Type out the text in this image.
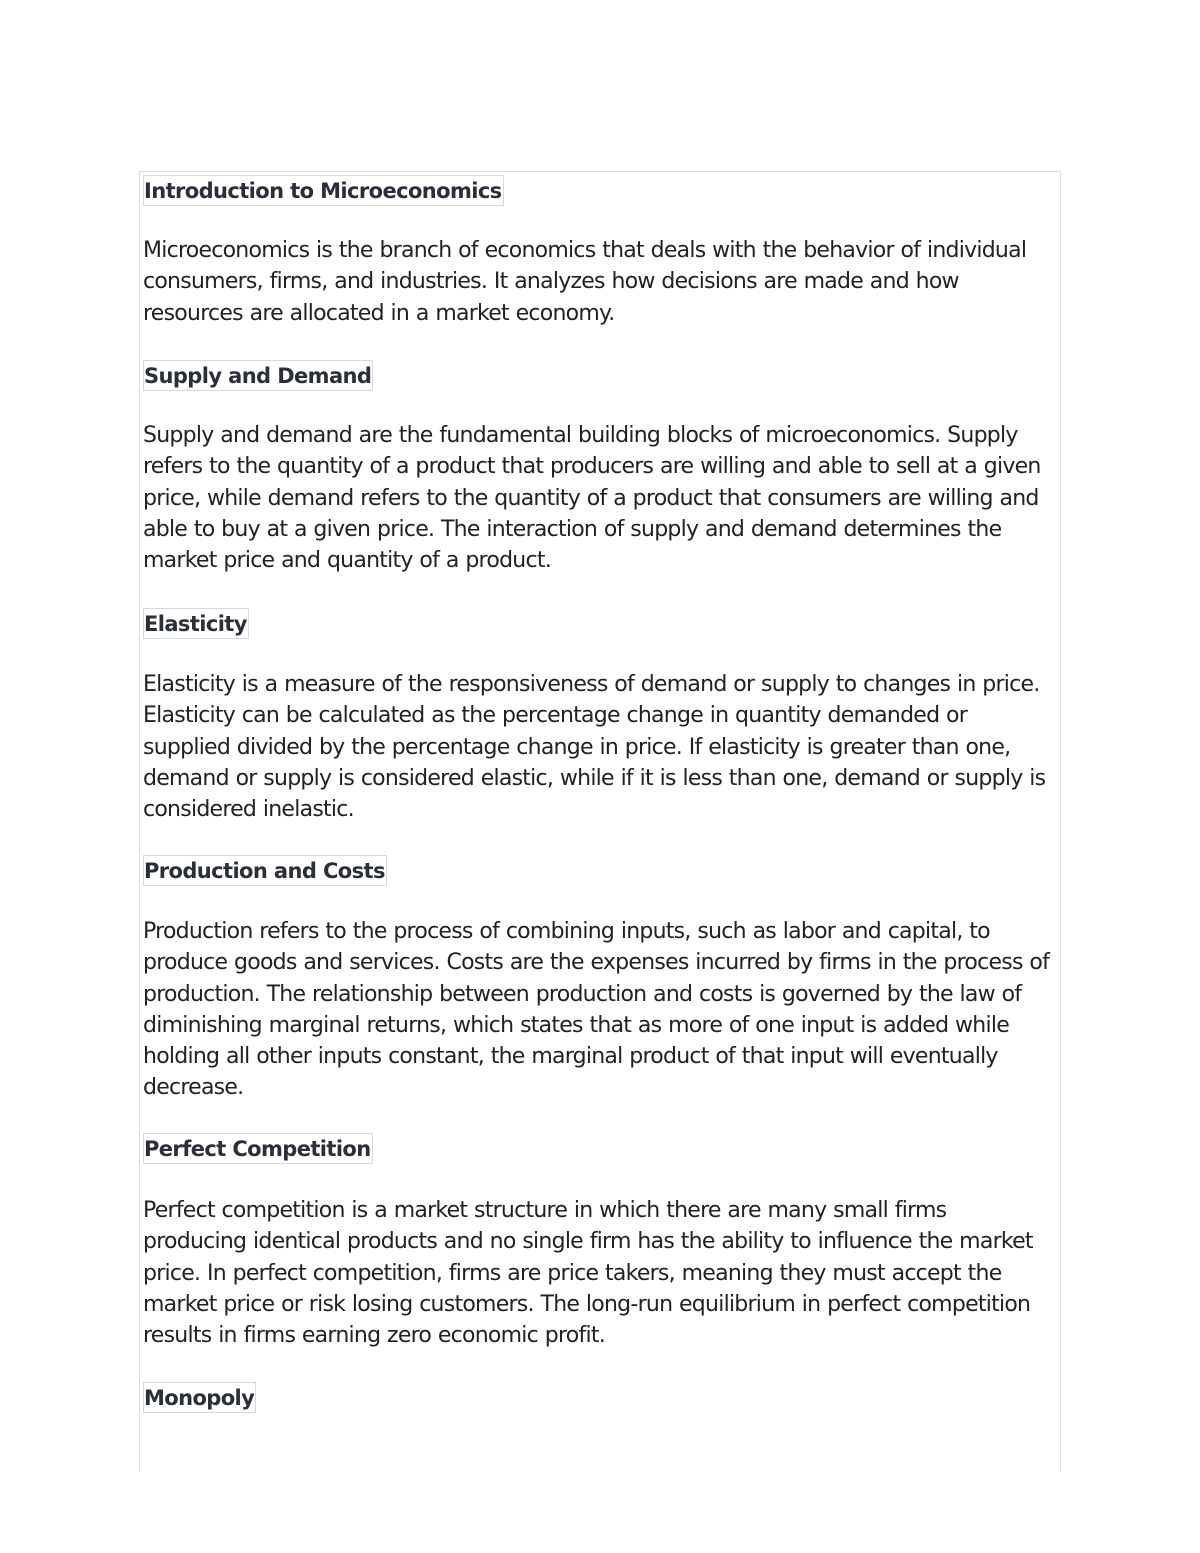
Introduction to Microeconomics

Microeconomics is the branch of economics that deals with the behavior of individual consumers, firms, and industries. It analyzes how decisions are made and how resources are allocated in a market economy.

Supply and Demand

Supply and demand are the fundamental building blocks of microeconomics. Supply refers to the quantity of a product that producers are willing and able to sell at a given price, while demand refers to the quantity of a product that consumers are willing and able to buy at a given price. The interaction of supply and demand determines the market price and quantity of a product.

Elasticity

Elasticity is a measure of the responsiveness of demand or supply to changes in price. Elasticity can be calculated as the percentage change in quantity demanded or supplied divided by the percentage change in price. If elasticity is greater than one, demand or supply is considered elastic, while if it is less than one, demand or supply is considered inelastic.

Production and Costs

Production refers to the process of combining inputs, such as labor and capital, to produce goods and services. Costs are the expenses incurred by firms in the process of production. The relationship between production and costs is governed by the law of diminishing marginal returns, which states that as more of one input is added while holding all other inputs constant, the marginal product of that input will eventually decrease.

Perfect Competition

Perfect competition is a market structure in which there are many small firms producing identical products and no single firm has the ability to influence the market price. In perfect competition, firms are price takers, meaning they must accept the market price or risk losing customers. The long-run equilibrium in perfect competition results in firms earning zero economic profit.

Monopoly
